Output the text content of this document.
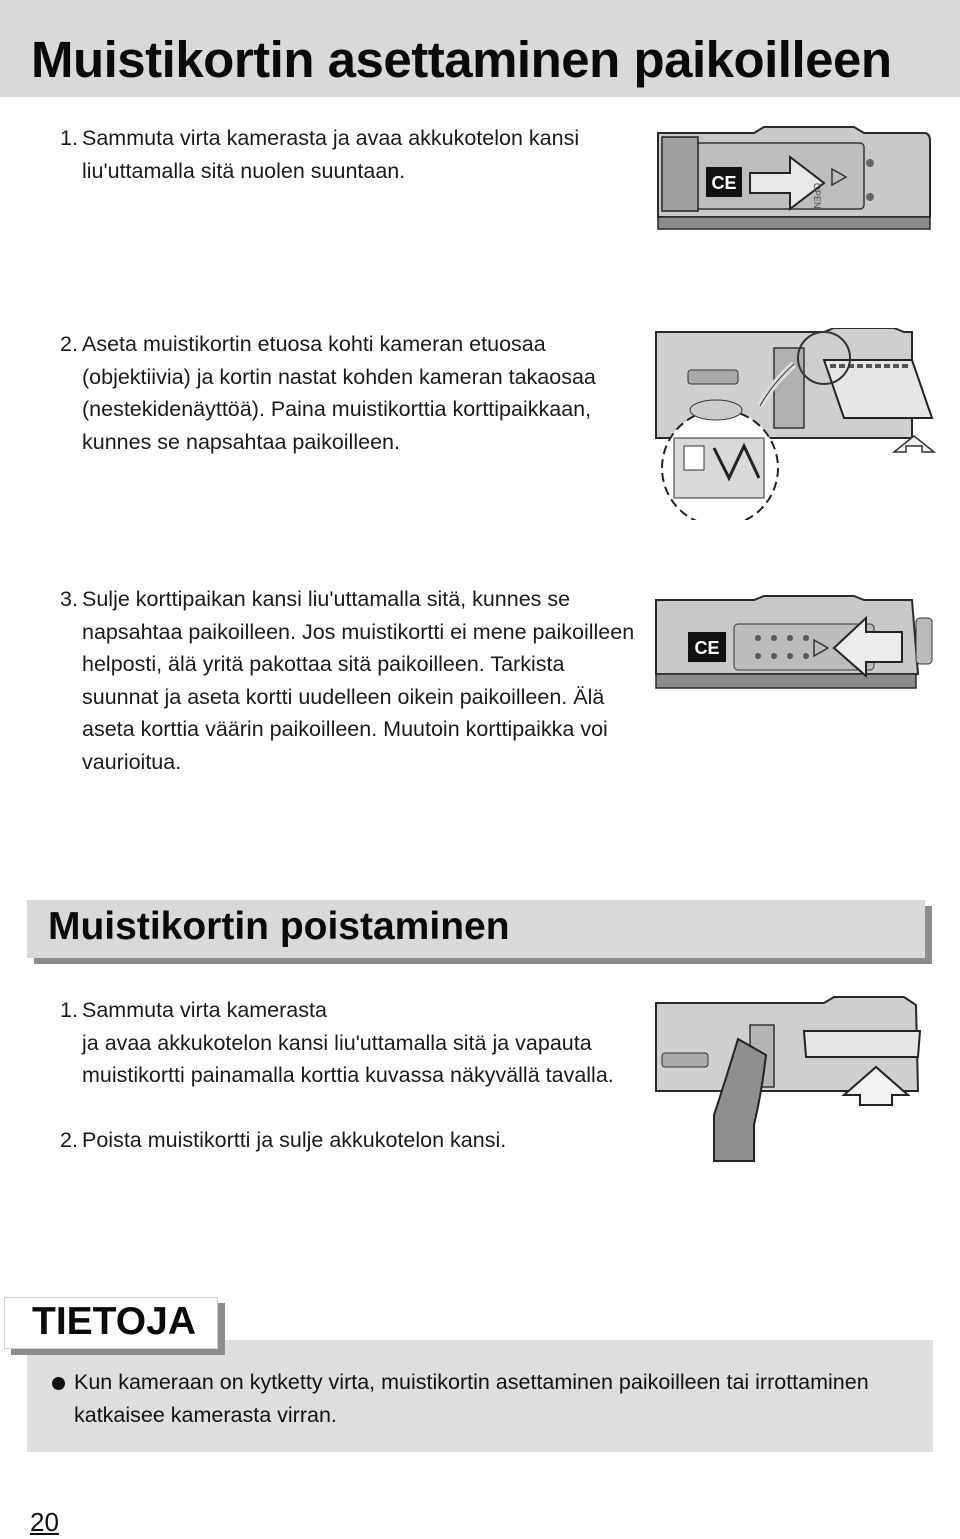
Muistikortin asettaminen paikoilleen
1. Sammuta virta kamerasta ja avaa akkukotelon kansi
liu'uttamalla sitä nuolen suuntaan.
CE	OPEN
2. Aseta muistikortin etuosa kohti kameran etuosaa
(objektiivia) ja kortin nastat kohden kameran takaosaa
(nestekidenäyttöä). Paina muistikorttia korttipaikkaan,
kunnes se napsahtaa paikoilleen.
3. Sulje korttipaikan kansi liu'uttamalla sitä, kunnes se
napsahtaa paikoilleen. Jos muistikortti ei mene paikoilleen
helposti, älä yritä pakottaa sitä paikoilleen. Tarkista
suunnat ja aseta kortti uudelleen oikein paikoilleen. Älä
aseta korttia väärin paikoilleen. Muutoin korttipaikka voi
vaurioitua.
CE
Muistikortin poistaminen
1. Sammuta virta kamerasta
ja avaa akkukotelon kansi liu'uttamalla sitä ja vapauta
muistikortti painamalla korttia kuvassa näkyvällä tavalla.
2. Poista muistikortti ja sulje akkukotelon kansi.
TIETOJA
Kun kameraan on kytketty virta, muistikortin asettaminen paikoilleen tai irrottaminen
katkaisee kamerasta virran.
20
